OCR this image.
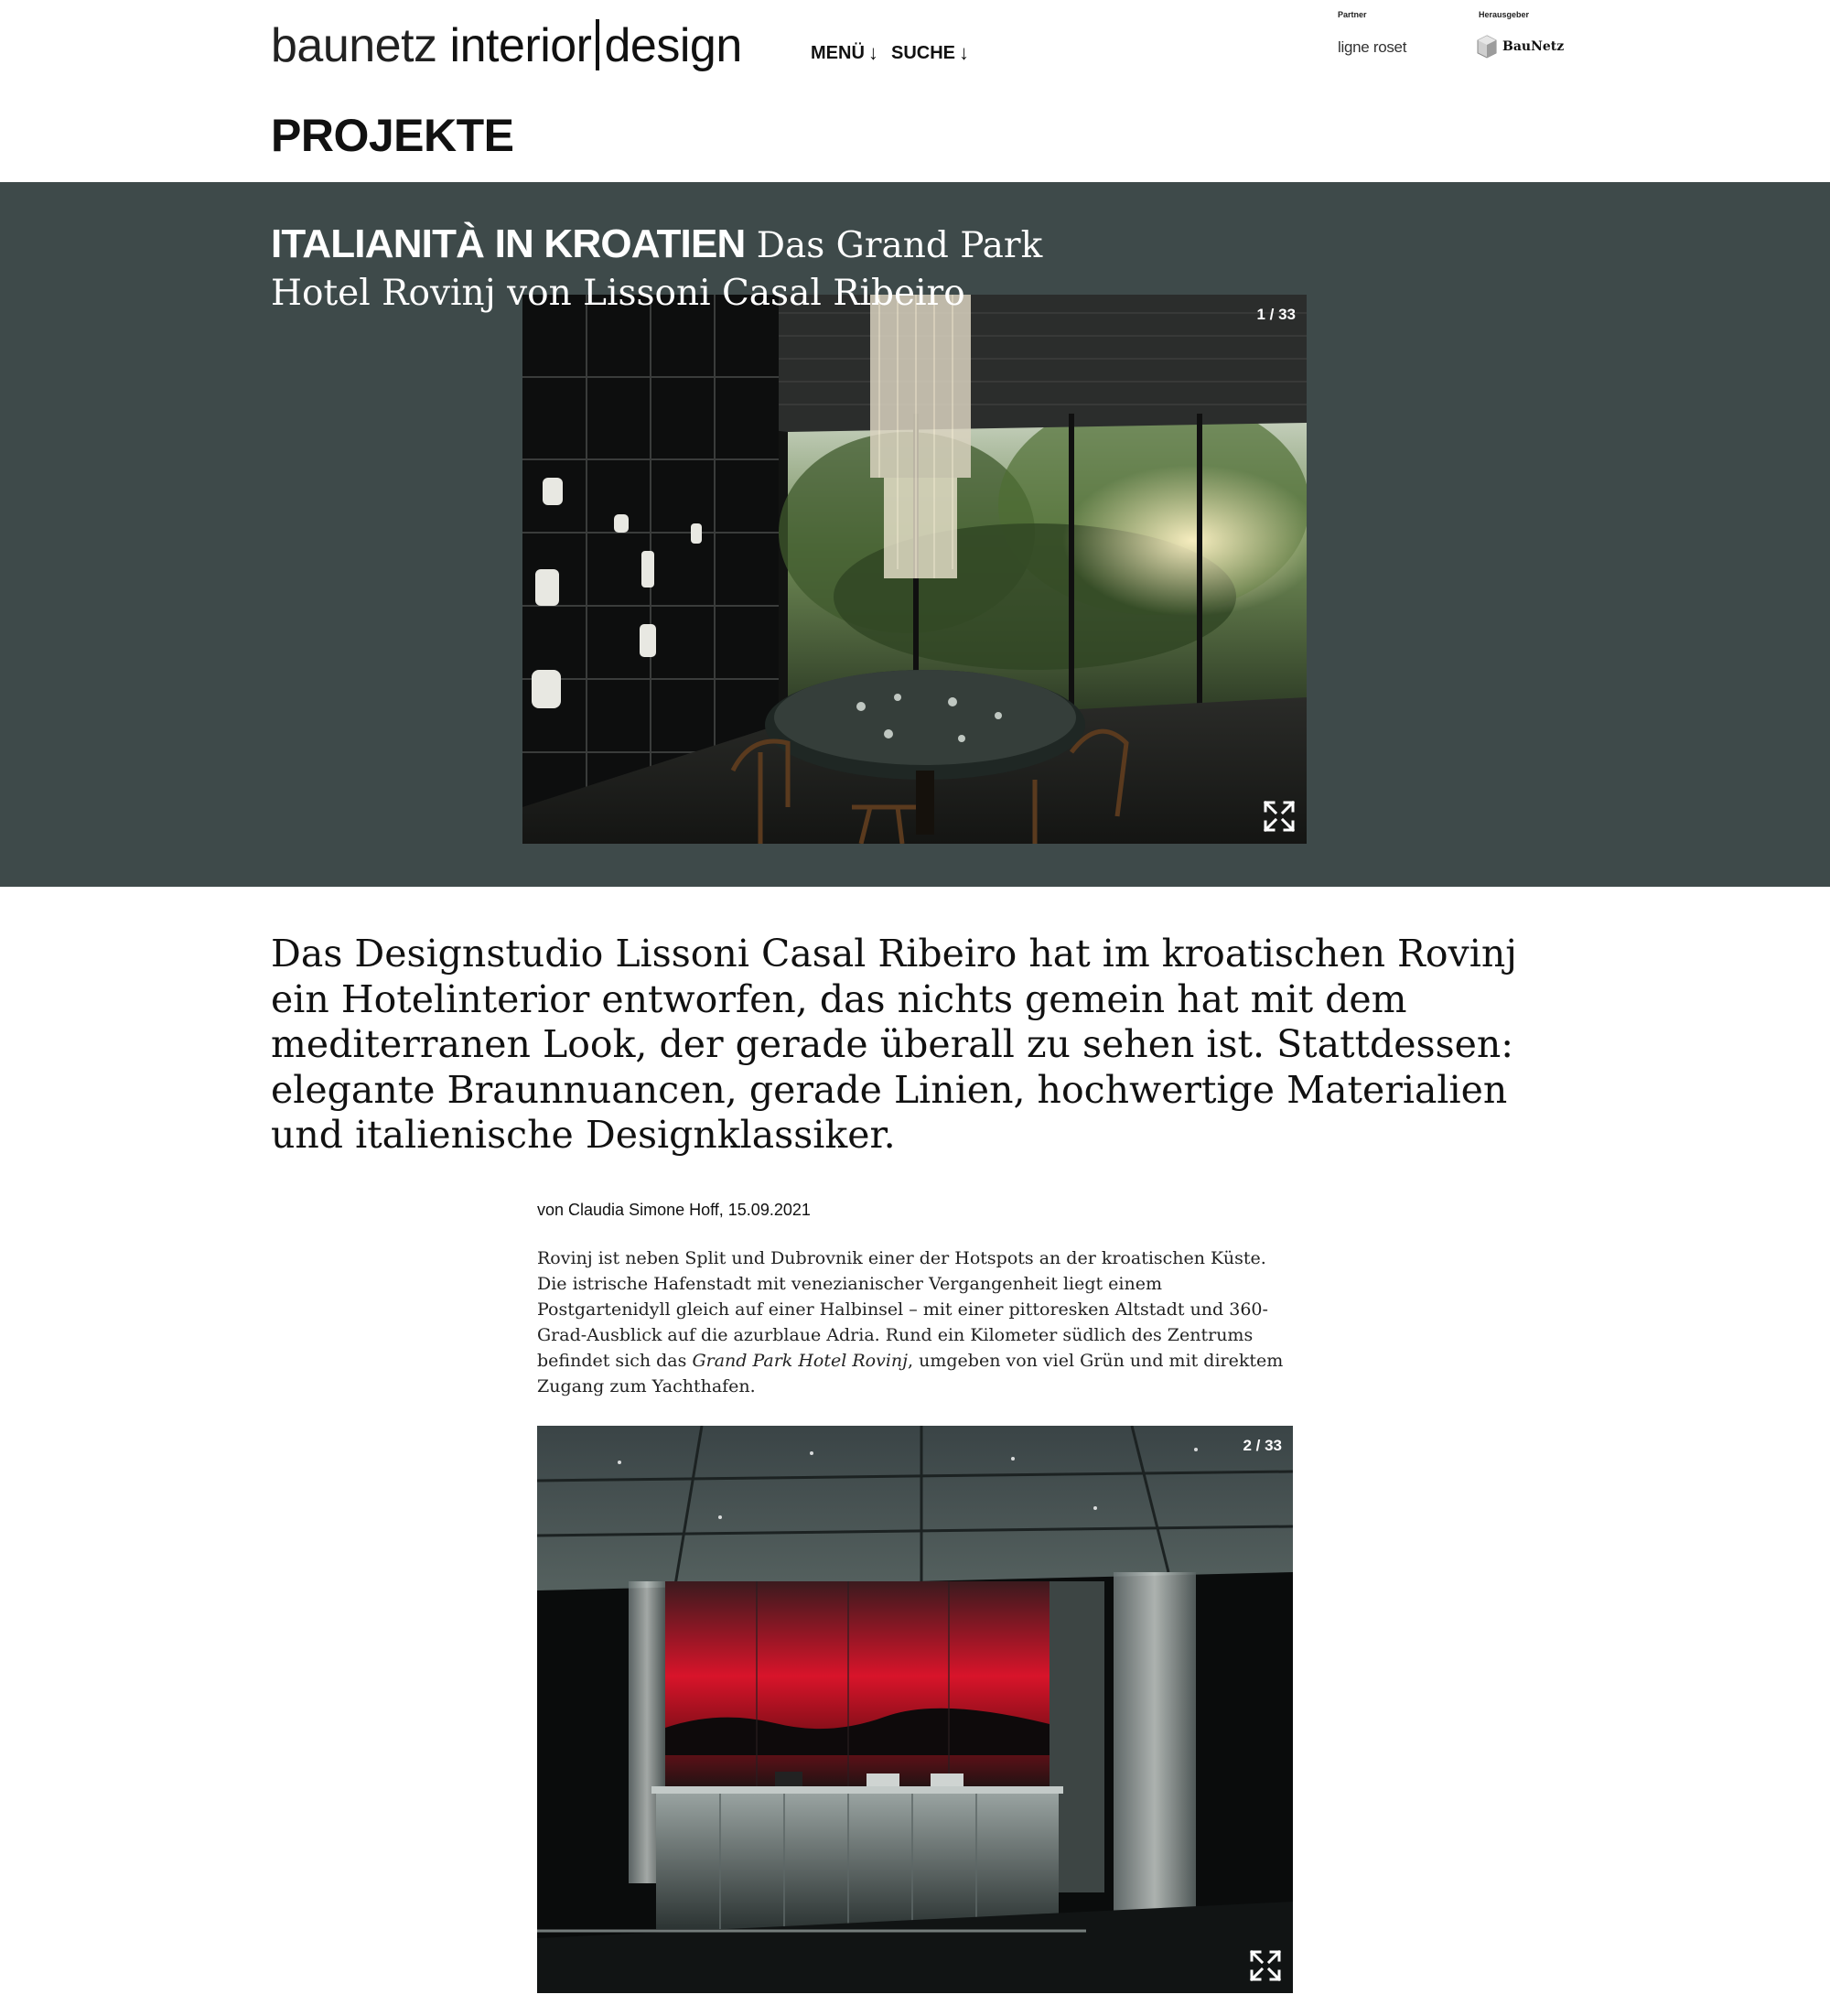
baunetz interior design	MENÜ ↓ SUCHE ↓
Partner
ligne roset
Herausgeber
BauNetz
PROJEKTE
1 / 33
ITALIANITÀ IN KROATIEN Das Grand Park Hotel Rovinj von Lissoni Casal Ribeiro
Das Designstudio Lissoni Casal Ribeiro hat im kroatischen Rovinj ein Hotelinterior entworfen, das nichts gemein hat mit dem mediterranen Look, der gerade überall zu sehen ist. Stattdessen: elegante Braunnuancen, gerade Linien, hochwertige Materialien und italienische Designklassiker.
von Claudia Simone Hoff, 15.09.2021
Rovinj ist neben Split und Dubrovnik einer der Hotspots an der kroatischen Küste. Die istrische Hafenstadt mit venezianischer Vergangenheit liegt einem Postgartenidyll gleich auf einer Halbinsel – mit einer pittoresken Altstadt und 360-Grad-Ausblick auf die azurblaue Adria. Rund ein Kilometer südlich des Zentrums befindet sich das Grand Park Hotel Rovinj, umgeben von viel Grün und mit direktem Zugang zum Yachthafen.
2 / 33
